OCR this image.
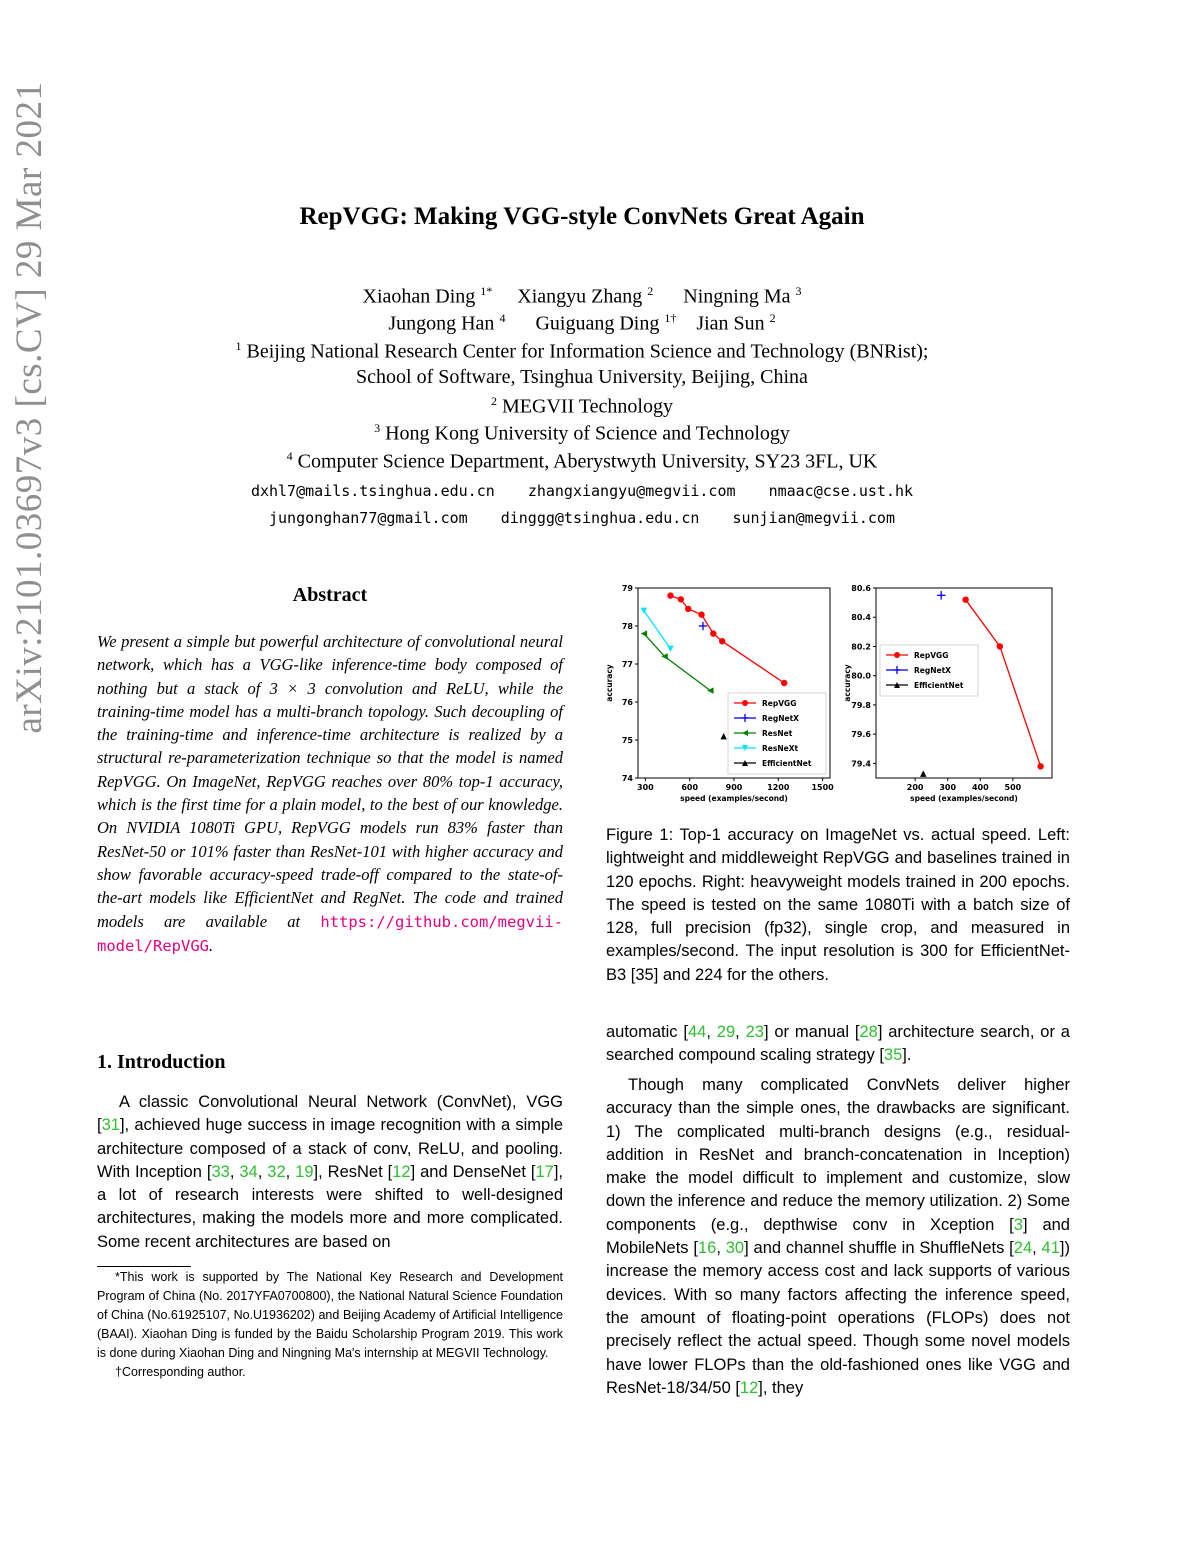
arXiv:2101.03697v3 [cs.CV] 29 Mar 2021	RepVGG: Making VGG-style ConvNets Great Again
Xiaohan Ding $^{1*}$ Xiangyu Zhang $^2$ Ningning Ma $^3$
Jungong Han $^4$ Guiguang Ding $^{1\dagger}$ Jian Sun $^2$
$^1$ Beijing National Research Center for Information Science and Technology (BNRist);
School of Software, Tsinghua University, Beijing, China
$^2$ MEGVII Technology
$^3$ Hong Kong University of Science and Technology
$^4$ Computer Science Department, Aberystwyth University, SY23 3FL, UK
dxhl7@mails.tsinghua.edu.cn zhangxiangyu@megvii.com nmaac@cse.ust.hk
jungonghan77@gmail.com dinggg@tsinghua.edu.cn sunjian@megvii.com
Abstract
We present a simple but powerful architecture of convolutional neural network, which has a VGG-like inference-time body composed of nothing but a stack of 3 × 3 convolution and ReLU, while the training-time model has a multi-branch topology. Such decoupling of the training-time and inference-time architecture is realized by a structural re-parameterization technique so that the model is named RepVGG. On ImageNet, RepVGG reaches over 80% top-1 accuracy, which is the first time for a plain model, to the best of our knowledge. On NVIDIA 1080Ti GPU, RepVGG models run 83% faster than ResNet-50 or 101% faster than ResNet-101 with higher accuracy and show favorable accuracy-speed trade-off compared to the state-of-the-art models like EfficientNet and RegNet. The code and trained models are available at https://github.com/megvii-model/RepVGG.
1. Introduction
A classic Convolutional Neural Network (ConvNet), VGG [31], achieved huge success in image recognition with a simple architecture composed of a stack of conv, ReLU, and pooling. With Inception [33, 34, 32, 19], ResNet [12] and DenseNet [17], a lot of research interests were shifted to well-designed architectures, making the models more and more complicated. Some recent architectures are based on
*This work is supported by The National Key Research and Development Program of China (No. 2017YFA0700800), the National Natural Science Foundation of China (No.61925107, No.U1936202) and Beijing Academy of Artificial Intelligence (BAAI). Xiaohan Ding is funded by the Baidu Scholarship Program 2019. This work is done during Xiaohan Ding and Ningning Ma's internship at MEGVII Technology.
†Corresponding author.
300	600	900	1200	1500
74
75
76
77
78
79
speed (examples/second)
accuracy
RepVGG
RegNetX
ResNet
ResNeXt
EfficientNet
200 300 400 500
79.4
79.6
79.8
80.0
80.2
80.4
80.6
speed (examples/second)
accuracy
RepVGG
RegNetX
EfficientNet
Figure 1: Top-1 accuracy on ImageNet vs. actual speed. Left: lightweight and middleweight RepVGG and baselines trained in 120 epochs. Right: heavyweight models trained in 200 epochs. The speed is tested on the same 1080Ti with a batch size of 128, full precision (fp32), single crop, and measured in examples/second. The input resolution is 300 for EfficientNet-B3 [35] and 224 for the others.
automatic [44, 29, 23] or manual [28] architecture search, or a searched compound scaling strategy [35].
Though many complicated ConvNets deliver higher accuracy than the simple ones, the drawbacks are significant. 1) The complicated multi-branch designs (e.g., residual-addition in ResNet and branch-concatenation in Inception) make the model difficult to implement and customize, slow down the inference and reduce the memory utilization. 2) Some components (e.g., depthwise conv in Xception [3] and MobileNets [16, 30] and channel shuffle in ShuffleNets [24, 41]) increase the memory access cost and lack supports of various devices. With so many factors affecting the inference speed, the amount of floating-point operations (FLOPs) does not precisely reflect the actual speed. Though some novel models have lower FLOPs than the old-fashioned ones like VGG and ResNet-18/34/50 [12], they
